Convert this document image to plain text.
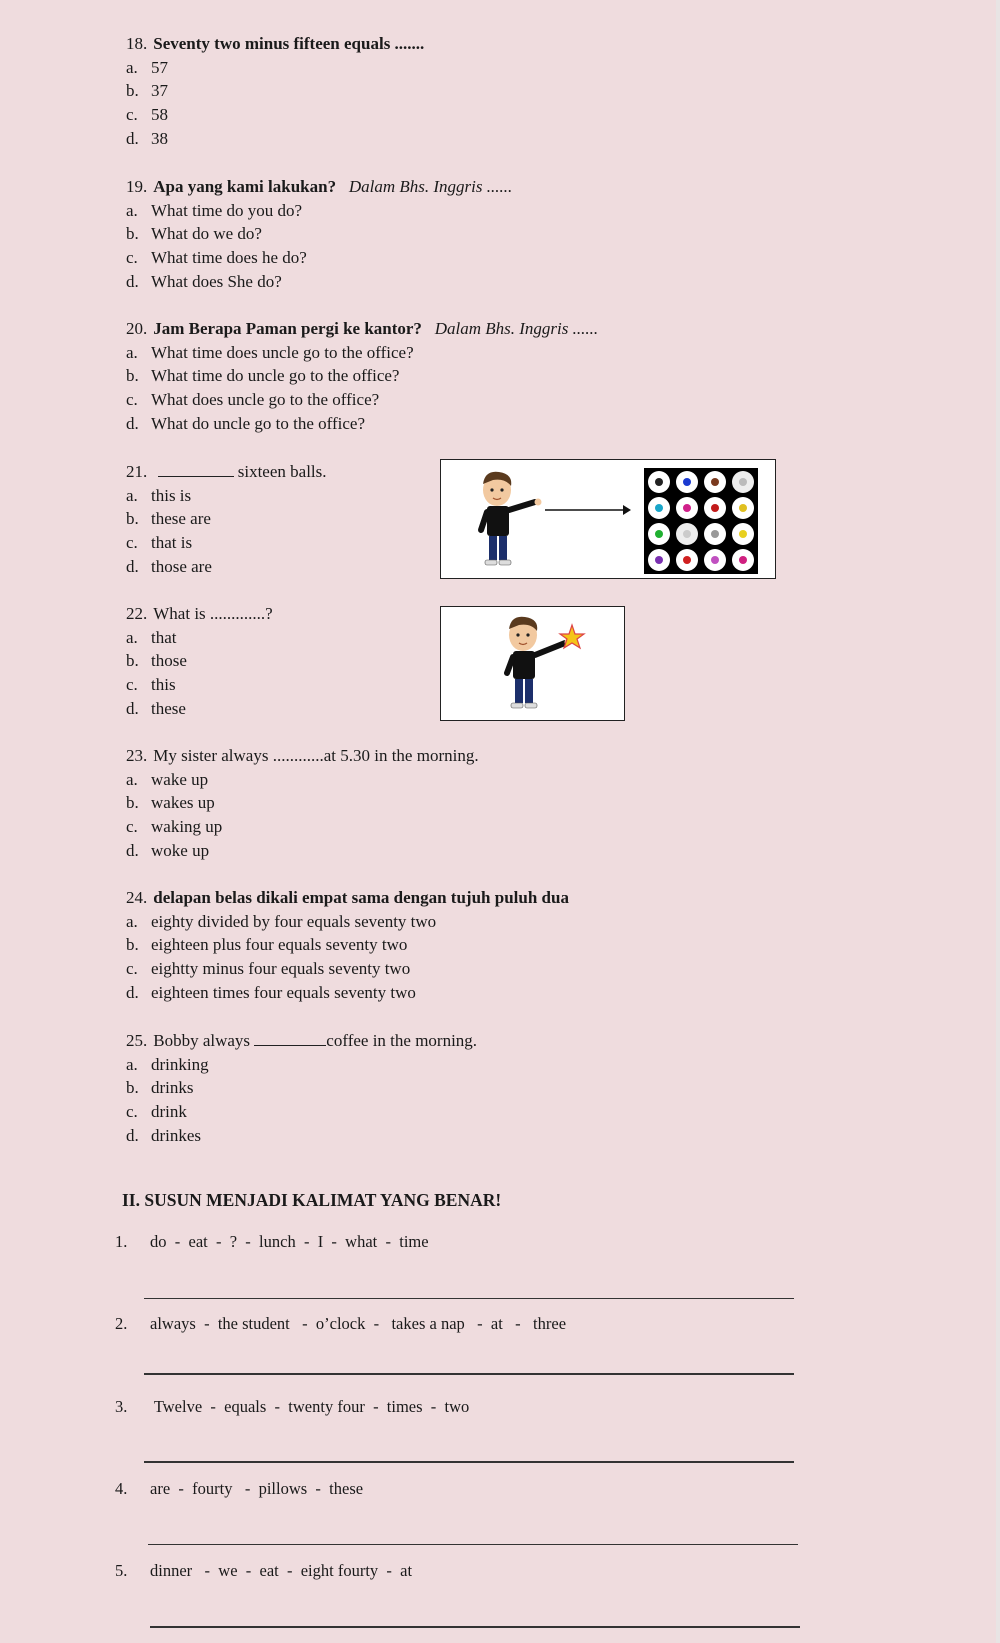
18. Seventy two minus fifteen equals .......
a. 57
b. 37
c. 58
d. 38
19. Apa yang kami lakukan? Dalam Bhs. Inggris ......
a. What time do you do?
b. What do we do?
c. What time does he do?
d. What does She do?
20. Jam Berapa Paman pergi ke kantor? Dalam Bhs. Inggris ......
a. What time does uncle go to the office?
b. What time do uncle go to the office?
c. What does uncle go to the office?
d. What do uncle go to the office?
21.	sixteen balls.
a. this is
b. these are
c. that is
d. those are
22. What is .............?
a. that
b. those
c. this
d. these
23. My sister always ............at 5.30 in the morning.
a. wake up
b. wakes up
c. waking up
d. woke up
24. delapan belas dikali empat sama dengan tujuh puluh dua
a. eighty divided by four equals seventy two
b. eighteen plus four equals seventy two
c. eightty minus four equals seventy two
d. eighteen times four equals seventy two
25. Bobby always	coffee in the morning.
a. drinking
b. drinks
c. drink
d. drinkes
II. SUSUN MENJADI KALIMAT YANG BENAR!
1. do  -  eat  -  ?  -  lunch  -  I  -  what  -  time
2. always  -  the student   -  o’clock  -   takes a nap   -  at   -   three
3. Twelve  -  equals  -  twenty four  -  times  -  two
4. are  -  fourty   -  pillows  -  these
5. dinner   -  we  -  eat  -  eight fourty  -  at
